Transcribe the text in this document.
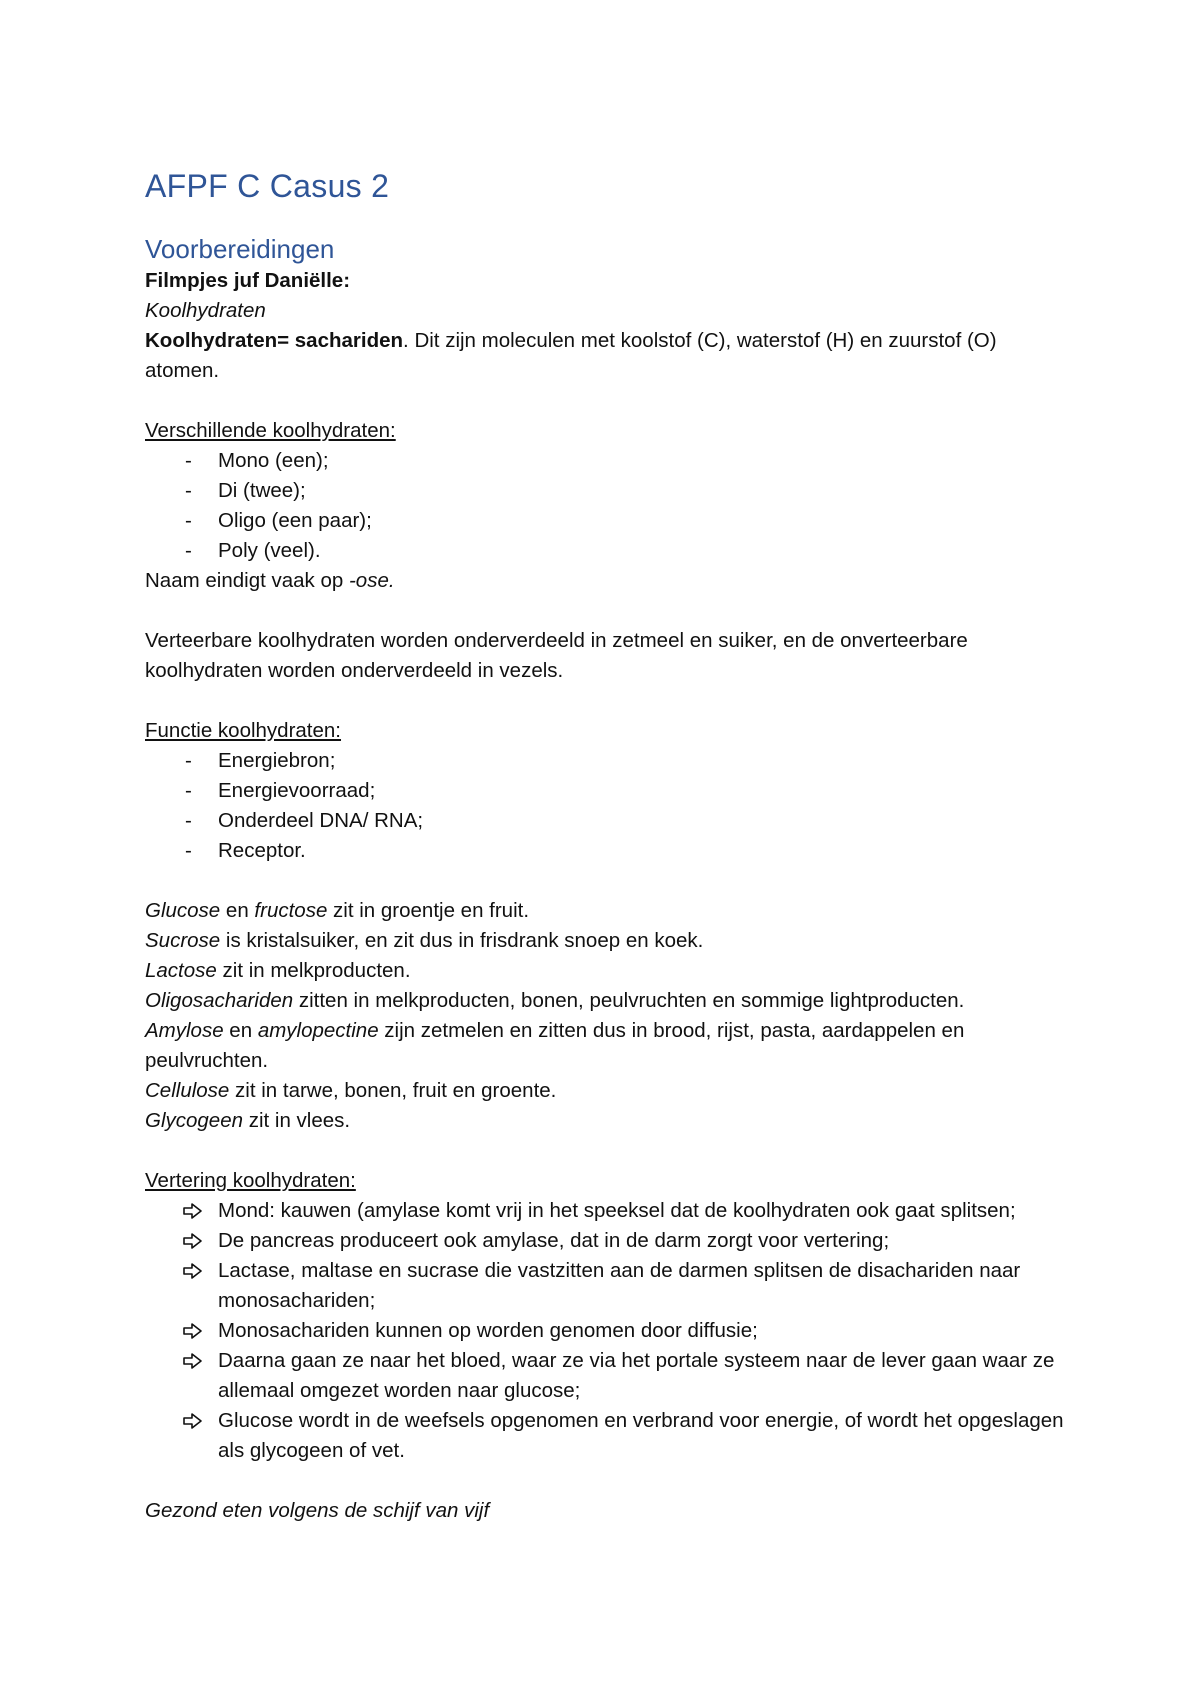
AFPF C Casus 2
Voorbereidingen

Filmpjes juf Daniëlle:

Koolhydraten

Koolhydraten= sachariden. Dit zijn moleculen met koolstof (C), waterstof (H) en zuurstof (O) atomen.

Verschillende koolhydraten:

- Mono (een);
- Di (twee);
- Oligo (een paar);
- Poly (veel).

Naam eindigt vaak op -ose.

Verteerbare koolhydraten worden onderverdeeld in zetmeel en suiker, en de onverteerbare koolhydraten worden onderverdeeld in vezels.

Functie koolhydraten:

- Energiebron;
- Energievoorraad;
- Onderdeel DNA/ RNA;
- Receptor.

Glucose en fructose zit in groentje en fruit.

Sucrose is kristalsuiker, en zit dus in frisdrank snoep en koek.

Lactose zit in melkproducten.

Oligosachariden zitten in melkproducten, bonen, peulvruchten en sommige lightproducten.

Amylose en amylopectine zijn zetmelen en zitten dus in brood, rijst, pasta, aardappelen en peulvruchten.

Cellulose zit in tarwe, bonen, fruit en groente.

Glycogeen zit in vlees.

Vertering koolhydraten:

Mond: kauwen (amylase komt vrij in het speeksel dat de koolhydraten ook gaat splitsen;
De pancreas produceert ook amylase, dat in de darm zorgt voor vertering;
Lactase, maltase en sucrase die vastzitten aan de darmen splitsen de disachariden naar monosachariden;
Monosachariden kunnen op worden genomen door diffusie;
Daarna gaan ze naar het bloed, waar ze via het portale systeem naar de lever gaan waar ze allemaal omgezet worden naar glucose;
Glucose wordt in de weefsels opgenomen en verbrand voor energie, of wordt het opgeslagen als glycogeen of vet.

Gezond eten volgens de schijf van vijf
